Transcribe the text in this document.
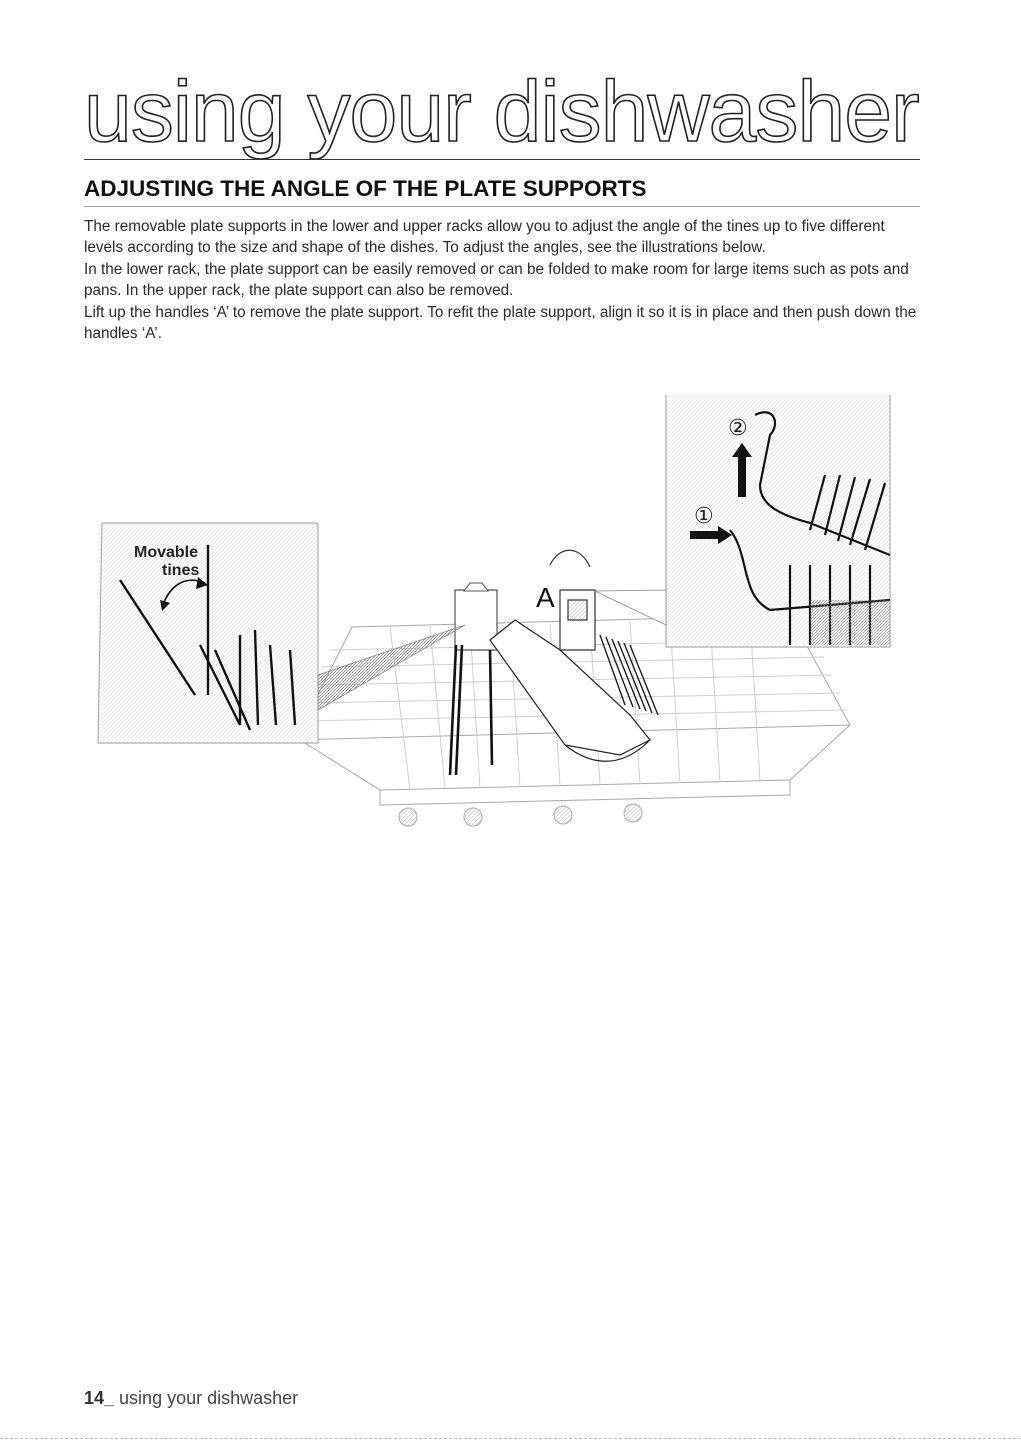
using your dishwasher
ADJUSTING THE ANGLE OF THE PLATE SUPPORTS

The removable plate supports in the lower and upper racks allow you to adjust the angle of the tines up to five different levels according to the size and shape of the dishes. To adjust the angles, see the illustrations below.

In the lower rack, the plate support can be easily removed or can be folded to make room for large items such as pots and pans. In the upper rack, the plate support can also be removed.

Lift up the handles ‘A’ to remove the plate support. To refit the plate support, align it so it is in place and then push down the handles ‘A’.

Movable
tines
①
②
A
14_ using your dishwasher
